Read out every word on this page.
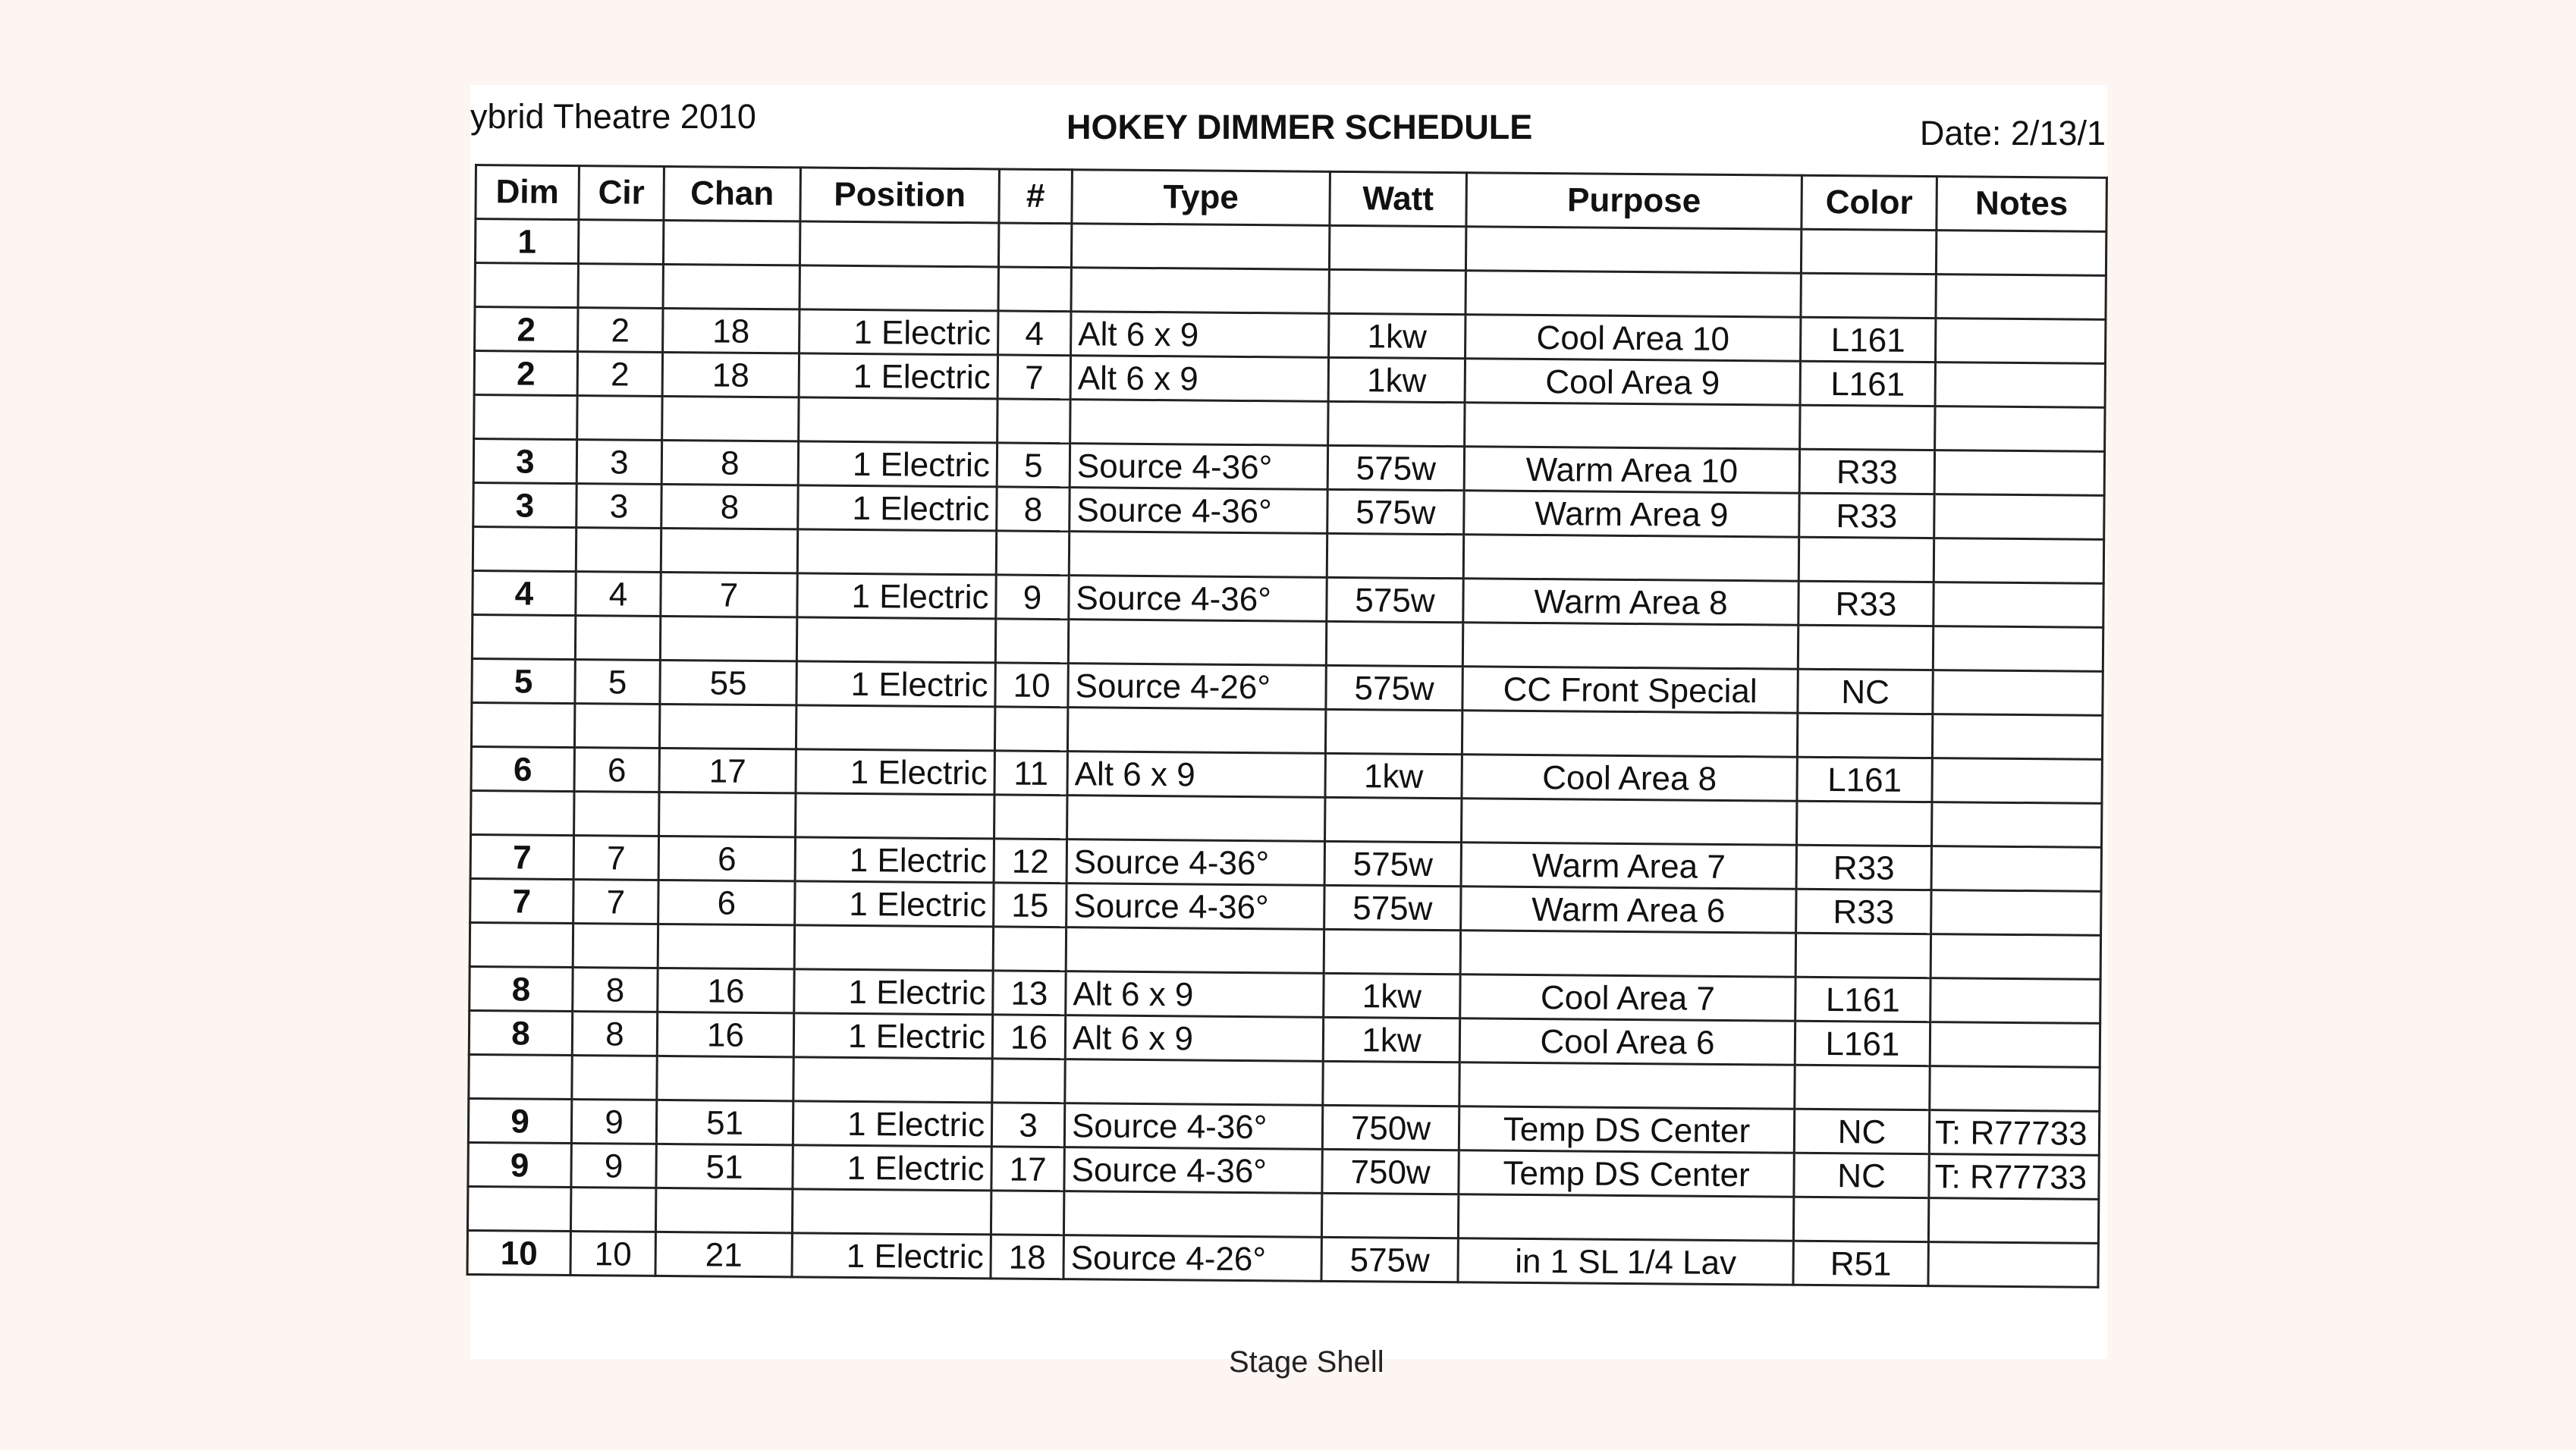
ybrid Theatre 2010	HOKEY DIMMER SCHEDULE	Date: 2/13/1
Dim	Cir	Chan	Position	#	Type	Watt	Purpose	Color	Notes
1									

2	2	18	1 Electric	4	Alt 6 x 9	1kw	Cool Area 10	L161	
2	2	18	1 Electric	7	Alt 6 x 9	1kw	Cool Area 9	L161	

3	3	8	1 Electric	5	Source 4-36°	575w	Warm Area 10	R33	
3	3	8	1 Electric	8	Source 4-36°	575w	Warm Area 9	R33	

4	4	7	1 Electric	9	Source 4-36°	575w	Warm Area 8	R33	

5	5	55	1 Electric	10	Source 4-26°	575w	CC Front Special	NC	

6	6	17	1 Electric	11	Alt 6 x 9	1kw	Cool Area 8	L161	

7	7	6	1 Electric	12	Source 4-36°	575w	Warm Area 7	R33	
7	7	6	1 Electric	15	Source 4-36°	575w	Warm Area 6	R33	

8	8	16	1 Electric	13	Alt 6 x 9	1kw	Cool Area 7	L161	
8	8	16	1 Electric	16	Alt 6 x 9	1kw	Cool Area 6	L161	

9	9	51	1 Electric	3	Source 4-36°	750w	Temp DS Center	NC	T: R77733
9	9	51	1 Electric	17	Source 4-36°	750w	Temp DS Center	NC	T: R77733

10	10	21	1 Electric	18	Source 4-26°	575w	in 1 SL 1/4 Lav	R51	
Stage Shell
